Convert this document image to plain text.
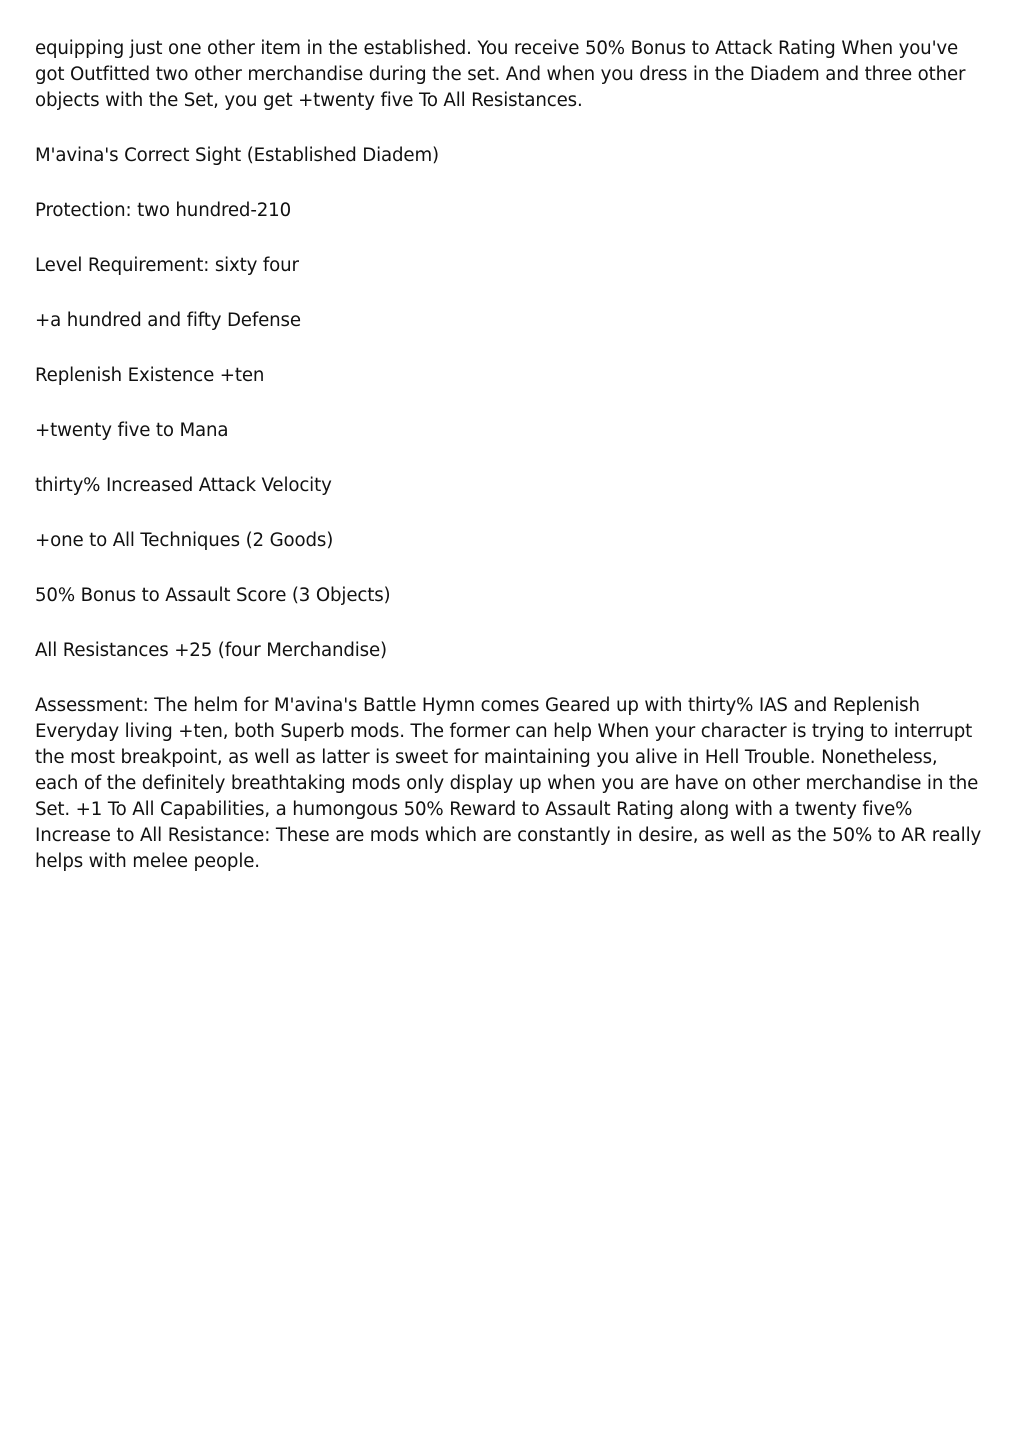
equipping just one other item in the established. You receive 50% Bonus to Attack Rating When you've got Outfitted two other merchandise during the set. And when you dress in the Diadem and three other objects with the Set, you get +twenty five To All Resistances.

M'avina's Correct Sight (Established Diadem)

Protection: two hundred-210

Level Requirement: sixty four

+a hundred and fifty Defense

Replenish Existence +ten

+twenty five to Mana

thirty% Increased Attack Velocity

+one to All Techniques (2 Goods)

50% Bonus to Assault Score (3 Objects)

All Resistances +25 (four Merchandise)

Assessment: The helm for M'avina's Battle Hymn comes Geared up with thirty% IAS and Replenish Everyday living +ten, both Superb mods. The former can help When your character is trying to interrupt the most breakpoint, as well as latter is sweet for maintaining you alive in Hell Trouble. Nonetheless, each of the definitely breathtaking mods only display up when you are have on other merchandise in the Set. +1 To All Capabilities, a humongous 50% Reward to Assault Rating along with a twenty five% Increase to All Resistance: These are mods which are constantly in desire, as well as the 50% to AR really helps with melee people.
